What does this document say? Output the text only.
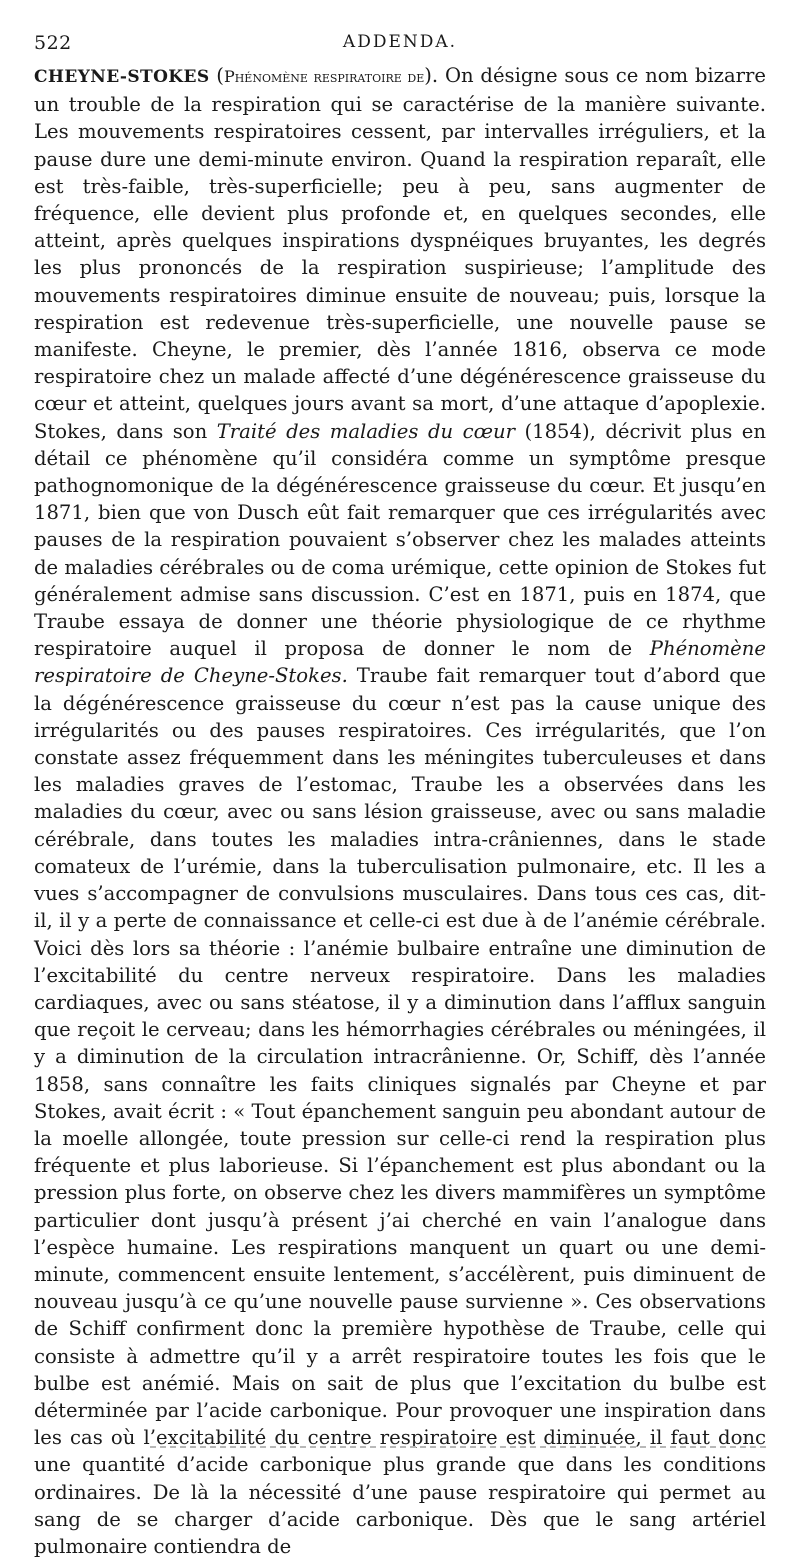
522	ADDENDA.

CHEYNE-STOKES (Phénomène respiratoire de). On désigne sous ce nom bizarre un trouble de la respiration qui se caractérise de la manière suivante. Les mouvements respiratoires cessent, par intervalles irréguliers, et la pause dure une demi-minute environ. Quand la respiration reparaît, elle est très-faible, très-superficielle; peu à peu, sans augmenter de fréquence, elle devient plus profonde et, en quelques secondes, elle atteint, après quelques inspirations dyspnéiques bruyantes, les degrés les plus prononcés de la respiration suspirieuse; l’amplitude des mouvements respiratoires diminue ensuite de nouveau; puis, lorsque la respiration est redevenue très-superficielle, une nouvelle pause se manifeste. Cheyne, le premier, dès l’année 1816, observa ce mode respiratoire chez un malade affecté d’une dégénérescence graisseuse du cœur et atteint, quelques jours avant sa mort, d’une attaque d’apoplexie. Stokes, dans son Traité des maladies du cœur (1854), décrivit plus en détail ce phénomène qu’il considéra comme un symptôme presque pathognomonique de la dégénérescence graisseuse du cœur. Et jusqu’en 1871, bien que von Dusch eût fait remarquer que ces irrégularités avec pauses de la respiration pouvaient s’observer chez les malades atteints de maladies cérébrales ou de coma urémique, cette opinion de Stokes fut généralement admise sans discussion. C’est en 1871, puis en 1874, que Traube essaya de donner une théorie physiologique de ce rhythme respiratoire auquel il proposa de donner le nom de Phénomène respiratoire de Cheyne-Stokes. Traube fait remarquer tout d’abord que la dégénérescence graisseuse du cœur n’est pas la cause unique des irrégularités ou des pauses respiratoires. Ces irrégularités, que l’on constate assez fréquemment dans les méningites tuberculeuses et dans les maladies graves de l’estomac, Traube les a observées dans les maladies du cœur, avec ou sans lésion graisseuse, avec ou sans maladie cérébrale, dans toutes les maladies intra-crâniennes, dans le stade comateux de l’urémie, dans la tuberculisation pulmonaire, etc. Il les a vues s’accompagner de convulsions musculaires. Dans tous ces cas, dit-il, il y a perte de connaissance et celle-ci est due à de l’anémie cérébrale. Voici dès lors sa théorie : l’anémie bulbaire entraîne une diminution de l’excitabilité du centre nerveux respiratoire. Dans les maladies cardiaques, avec ou sans stéatose, il y a diminution dans l’afflux sanguin que reçoit le cerveau; dans les hémorrhagies cérébrales ou méningées, il y a diminution de la circulation intracrânienne. Or, Schiff, dès l’année 1858, sans connaître les faits cliniques signalés par Cheyne et par Stokes, avait écrit : « Tout épanchement sanguin peu abondant autour de la moelle allongée, toute pression sur celle-ci rend la respiration plus fréquente et plus laborieuse. Si l’épanchement est plus abondant ou la pression plus forte, on observe chez les divers mammifères un symptôme particulier dont jusqu’à présent j’ai cherché en vain l’analogue dans l’espèce humaine. Les respirations manquent un quart ou une demi-minute, commencent ensuite lentement, s’accélèrent, puis diminuent de nouveau jusqu’à ce qu’une nouvelle pause survienne ». Ces observations de Schiff confirment donc la première hypothèse de Traube, celle qui consiste à admettre qu’il y a arrêt respiratoire toutes les fois que le bulbe est anémié. Mais on sait de plus que l’excitation du bulbe est déterminée par l’acide carbonique. Pour provoquer une inspiration dans les cas où l’excitabilité du centre respiratoire est diminuée, il faut donc une quantité d’acide carbonique plus grande que dans les conditions ordinaires. De là la nécessité d’une pause respiratoire qui permet au sang de se charger d’acide carbonique. Dès que le sang artériel pulmonaire contiendra de
